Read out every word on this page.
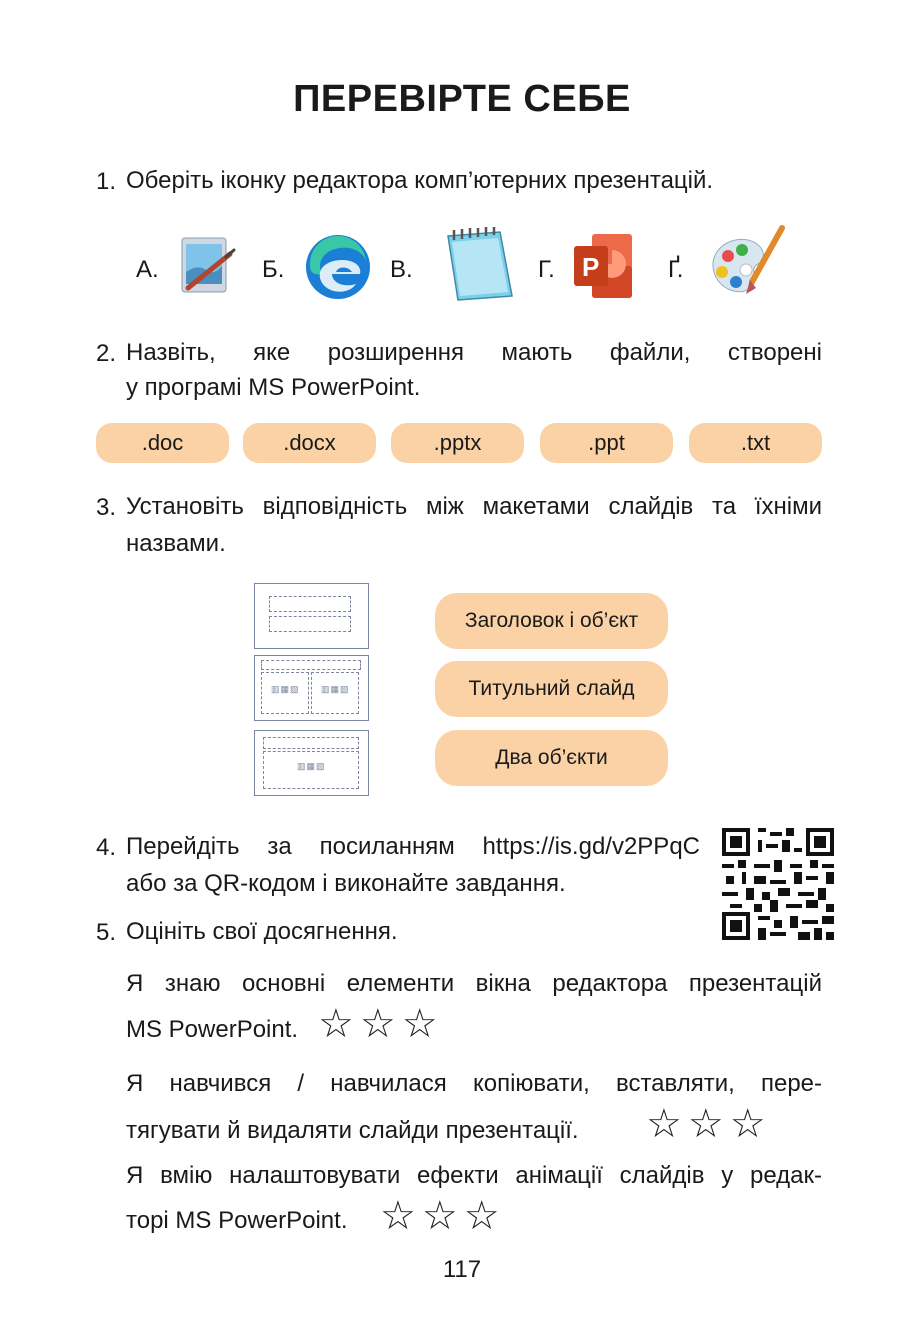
ПЕРЕВІРТЕ СЕБЕ
1. Оберіть іконку редактора комп’ютерних презентацій.
А.	Б.	В.	Г. P	Ґ.
2. Назвіть, яке розширення мають файли, створені
у програмі MS PowerPoint.
.doc	.docx	.pptx	.ppt	.txt
3. Установіть відповідність між макетами слайдів та їхніми
назвами.
▥▦▧ ▥▦▧
▥▦▧
Заголовок і об’єкт
Титульний слайд
Два об’єкти
4. Перейдіть за посиланням https://is.gd/v2PPqC
або за QR-кодом і виконайте завдання.
5. Оцініть свої досягнення.
Я знаю основні елементи вікна редактора презентацій
MS PowerPoint. ☆☆☆
Я навчився / навчилася копіювати, вставляти, пере-
тягувати й видаляти слайди презентації. ☆☆☆
Я вмію налаштовувати ефекти анімації слайдів у редак-
торі MS PowerPoint. ☆☆☆
117
